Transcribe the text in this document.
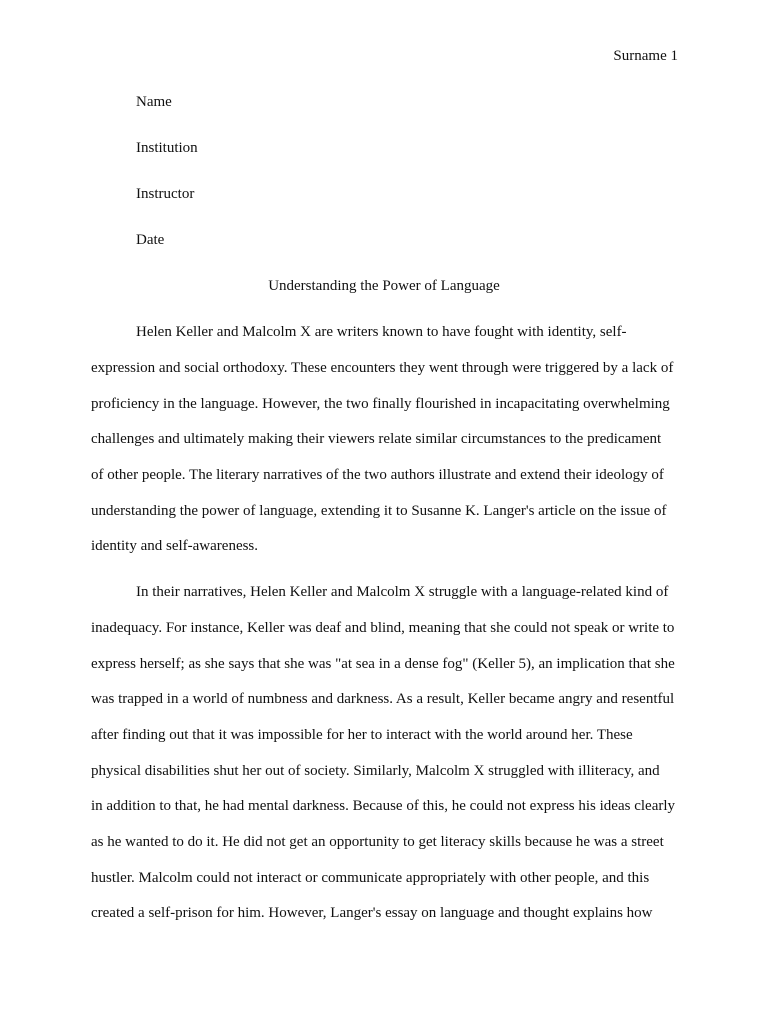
Surname 1
Name
Institution
Instructor
Date
Understanding the Power of Language
Helen Keller and Malcolm X are writers known to have fought with identity, self-
expression and social orthodoxy. These encounters they went through were triggered by a lack of
proficiency in the language. However, the two finally flourished in incapacitating overwhelming
challenges and ultimately making their viewers relate similar circumstances to the predicament
of other people. The literary narratives of the two authors illustrate and extend their ideology of
understanding the power of language, extending it to Susanne K. Langer's article on the issue of
identity and self-awareness.
In their narratives, Helen Keller and Malcolm X struggle with a language-related kind of
inadequacy. For instance, Keller was deaf and blind, meaning that she could not speak or write to
express herself; as she says that she was "at sea in a dense fog" (Keller 5), an implication that she
was trapped in a world of numbness and darkness. As a result, Keller became angry and resentful
after finding out that it was impossible for her to interact with the world around her. These
physical disabilities shut her out of society. Similarly, Malcolm X struggled with illiteracy, and
in addition to that, he had mental darkness. Because of this, he could not express his ideas clearly
as he wanted to do it. He did not get an opportunity to get literacy skills because he was a street
hustler. Malcolm could not interact or communicate appropriately with other people, and this
created a self-prison for him. However, Langer's essay on language and thought explains how
